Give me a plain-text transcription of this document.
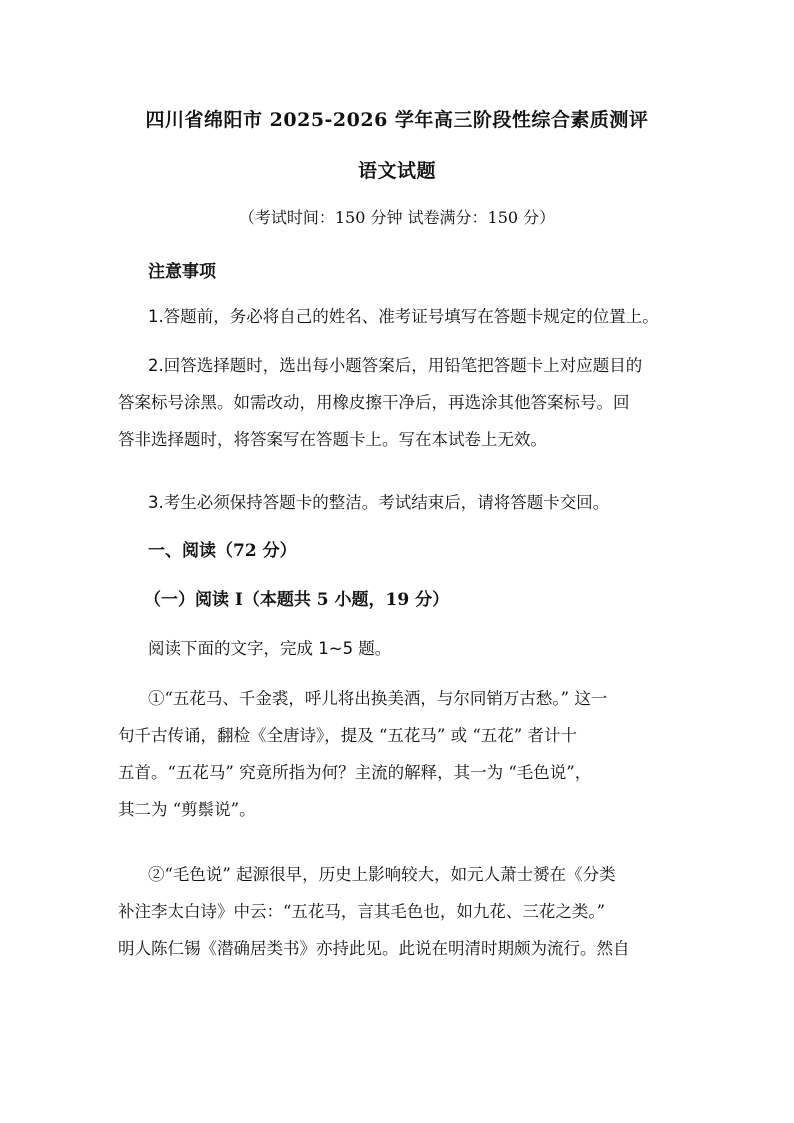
四川省绵阳市 2025-2026 学年高三阶段性综合素质测评
语文试题
（考试时间：150 分钟 试卷满分：150 分）
注意事项
1.答题前，务必将自己的姓名、准考证号填写在答题卡规定的位置上。
2.回答选择题时，选出每小题答案后，用铅笔把答题卡上对应题目的
答案标号涂黑。如需改动，用橡皮擦干净后，再选涂其他答案标号。回
答非选择题时，将答案写在答题卡上。写在本试卷上无效。
3.考生必须保持答题卡的整洁。考试结束后，请将答题卡交回。
一、阅读（72 分）
（一）阅读 I（本题共 5 小题，19 分）
阅读下面的文字，完成 1~5 题。
①“五花马、千金裘，呼儿将出换美酒，与尔同销万古愁。” 这一
句千古传诵，翻检《全唐诗》，提及 “五花马” 或 “五花” 者计十
五首。“五花马” 究竟所指为何？主流的解释，其一为 “毛色说”，
其二为 “剪鬃说”。
②“毛色说” 起源很早，历史上影响较大，如元人萧士赟在《分类
补注李太白诗》中云：“五花马，言其毛色也，如九花、三花之类。”
明人陈仁锡《潜确居类书》亦持此见。此说在明清时期颇为流行。然自
